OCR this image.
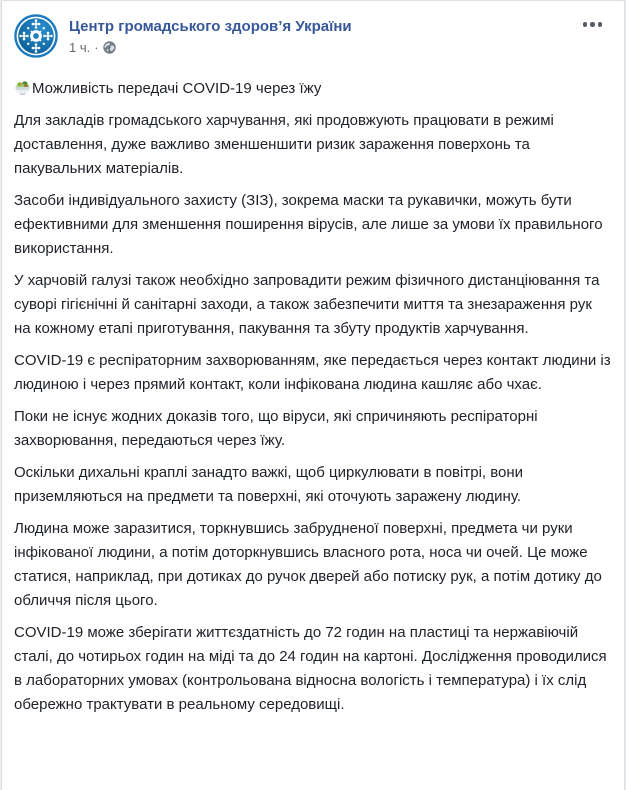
Центр громадського здоров’я України
1 ч. ·

Можливість передачі COVID-19 через їжу

Для закладів громадського харчування, які продовжують працювати в режимі доставлення, дуже важливо зменшеншити ризик зараження поверхонь та пакувальних матеріалів.

Засоби індивідуального захисту (ЗІЗ), зокрема маски та рукавички, можуть бути ефективними для зменшення поширення вірусів, але лише за умови їх правильного використання.

У харчовій галузі також необхідно запровадити режим фізичного дистанціювання та суворі гігієнічні й санітарні заходи, а також забезпечити миття та знезараження рук на кожному етапі приготування, пакування та збуту продуктів харчування.

COVID-19 є респіраторним захворюванням, яке передається через контакт людини із людиною і через прямий контакт, коли інфікована людина кашляє або чхає.

Поки не існує жодних доказів того, що віруси, які спричиняють респіраторні захворювання, передаються через їжу.

Оскільки дихальні краплі занадто важкі, щоб циркулювати в повітрі, вони приземляються на предмети та поверхні, які оточують заражену людину.

Людина може заразитися, торкнувшись забрудненої поверхні, предмета чи руки інфікованої людини, а потім доторкнувшись власного рота, носа чи очей. Це може статися, наприклад, при дотиках до ручок дверей або потиску рук, а потім дотику до обличчя після цього.

COVID-19 може зберігати життєздатність до 72 годин на пластиці та нержавіючій сталі, до чотирьох годин на міді та до 24 годин на картоні. Дослідження проводилися в лабораторних умовах (контрольована відносна вологість і температура) і їх слід обережно трактувати в реальному середовищі.
